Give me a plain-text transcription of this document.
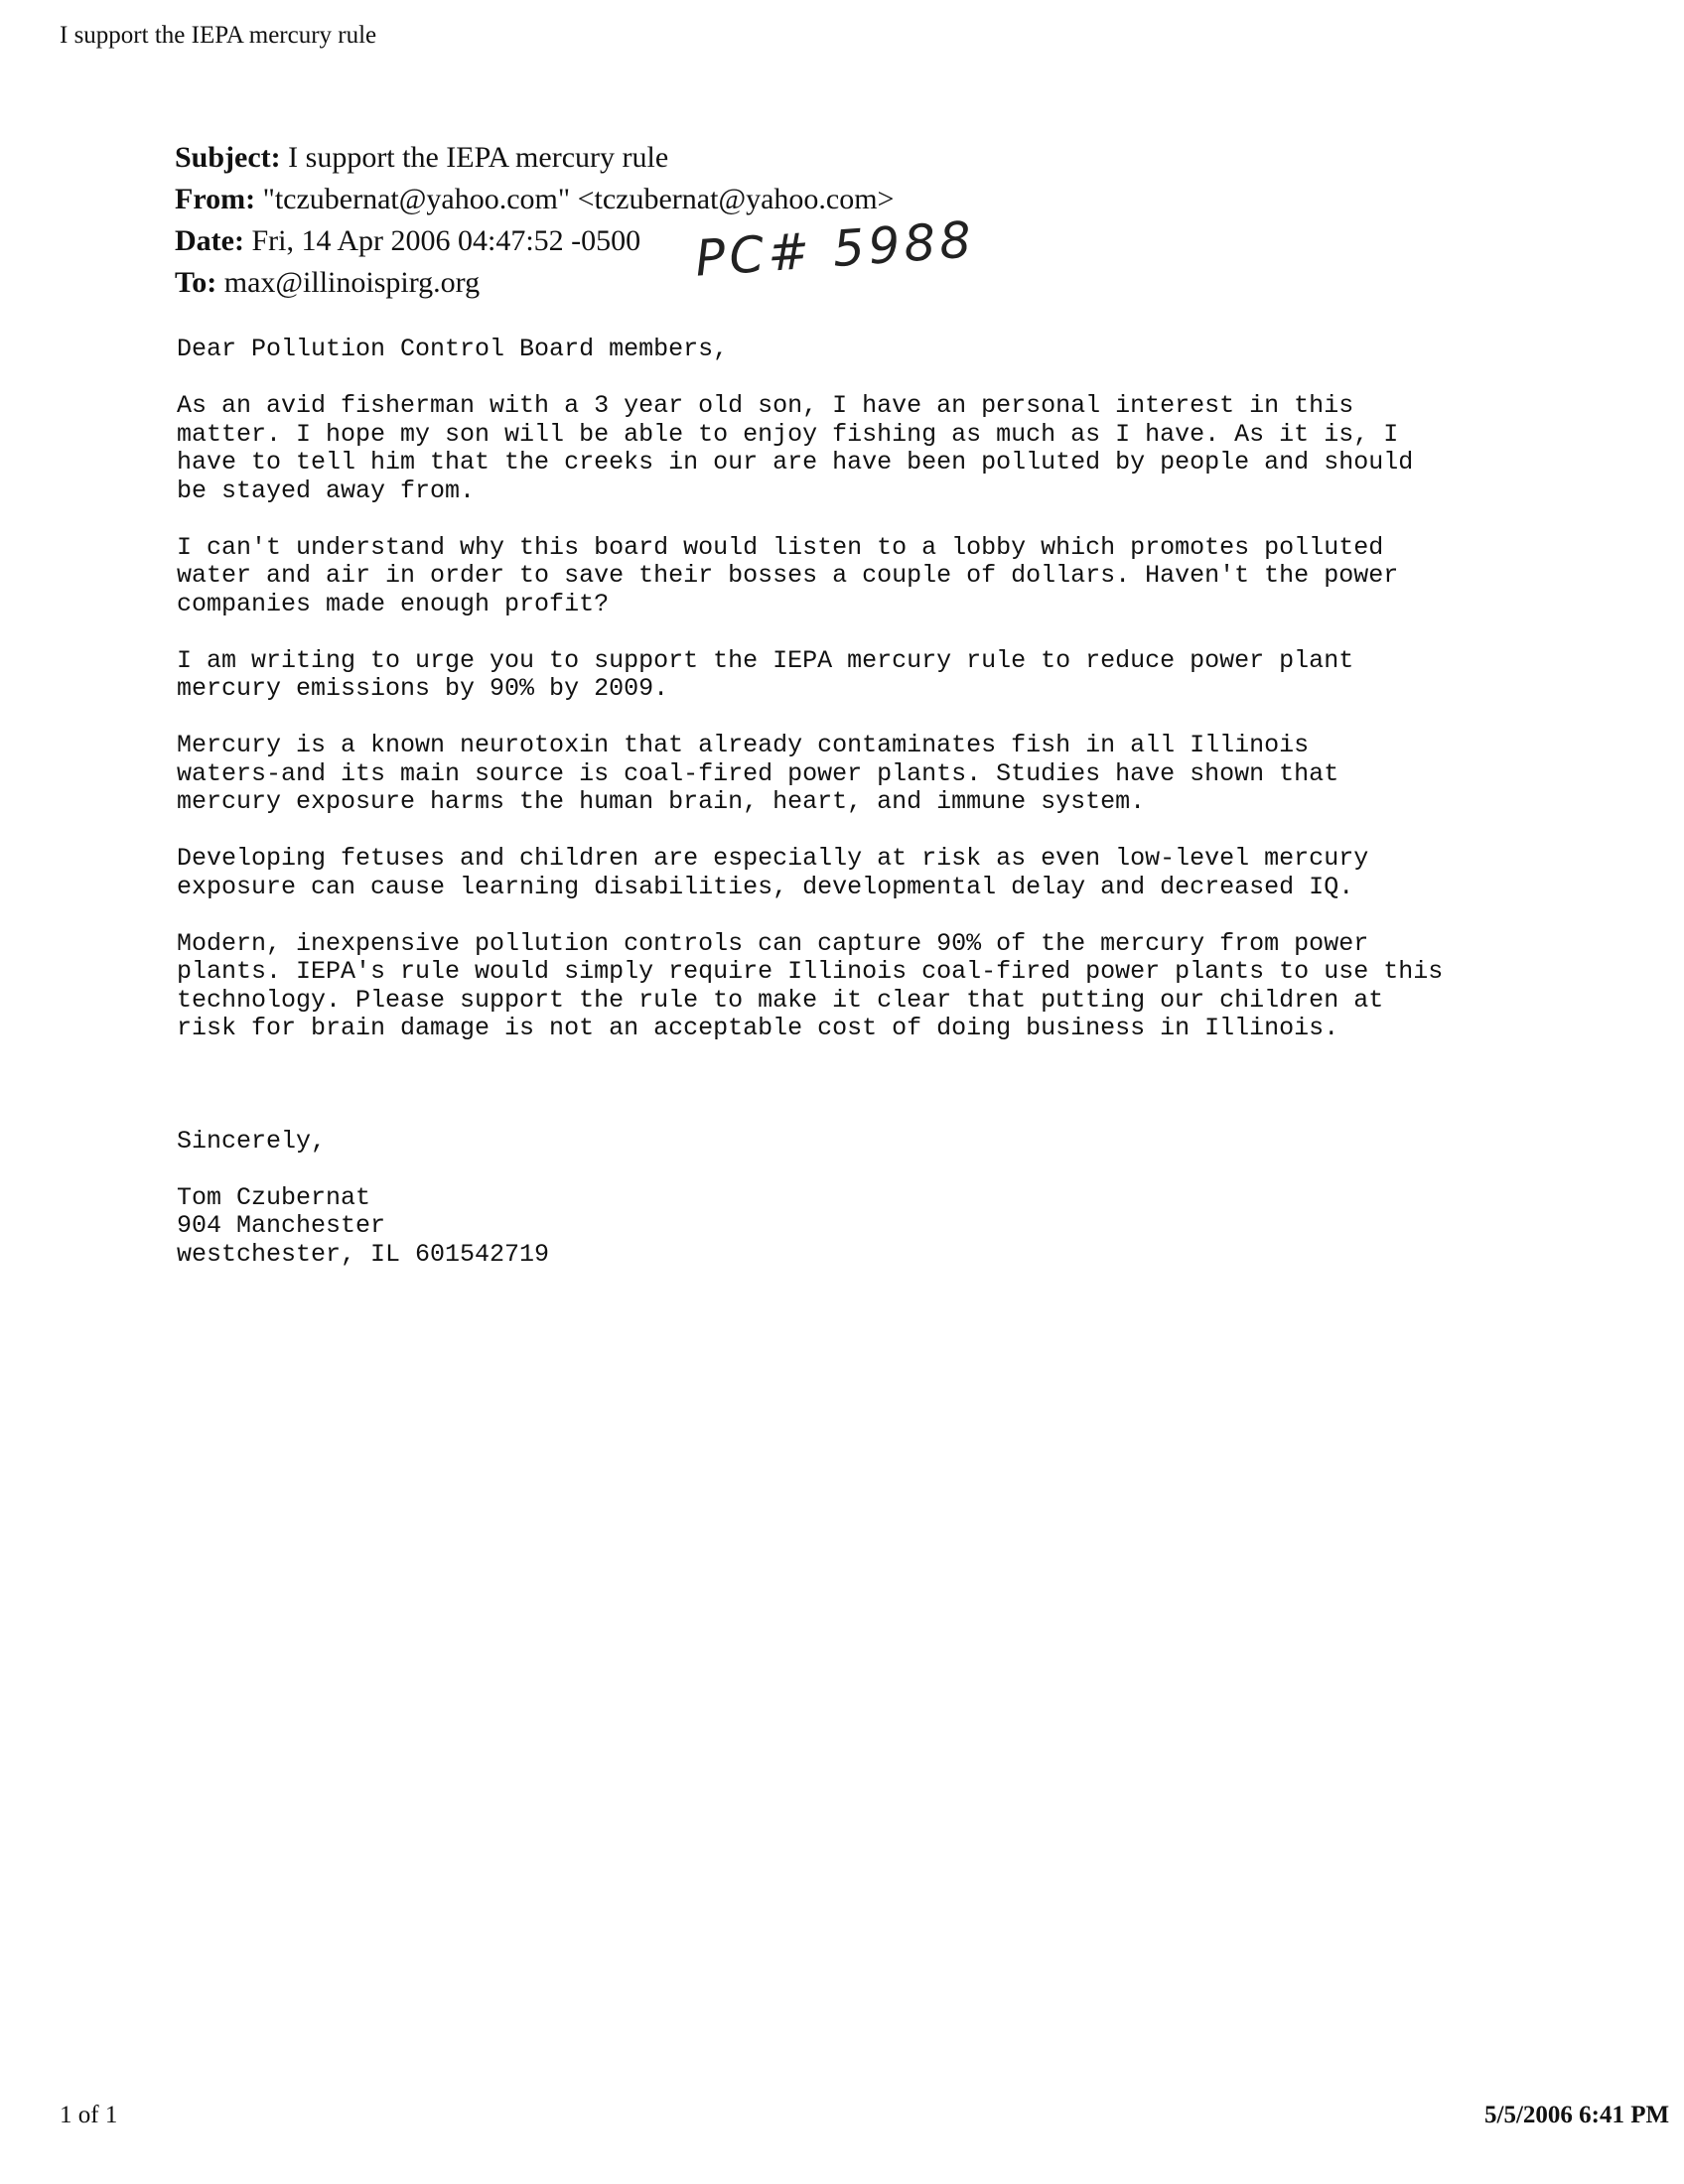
I support the IEPA mercury rule
Subject: I support the IEPA mercury rule
From: "tczubernat@yahoo.com" <tczubernat@yahoo.com>
Date: Fri, 14 Apr 2006 04:47:52 -0500
To: max@illinoispirg.org	PC# 5988
Dear Pollution Control Board members,
As an avid fisherman with a 3 year old son, I have an personal interest in this
matter. I hope my son will be able to enjoy fishing as much as I have. As it is, I
have to tell him that the creeks in our are have been polluted by people and should
be stayed away from.
I can't understand why this board would listen to a lobby which promotes polluted
water and air in order to save their bosses a couple of dollars. Haven't the power
companies made enough profit?
I am writing to urge you to support the IEPA mercury rule to reduce power plant
mercury emissions by 90% by 2009.
Mercury is a known neurotoxin that already contaminates fish in all Illinois
waters-and its main source is coal-fired power plants. Studies have shown that
mercury exposure harms the human brain, heart, and immune system.
Developing fetuses and children are especially at risk as even low-level mercury
exposure can cause learning disabilities, developmental delay and decreased IQ.
Modern, inexpensive pollution controls can capture 90% of the mercury from power
plants. IEPA's rule would simply require Illinois coal-fired power plants to use this
technology. Please support the rule to make it clear that putting our children at
risk for brain damage is not an acceptable cost of doing business in Illinois.
Sincerely,
Tom Czubernat
904 Manchester
westchester, IL 601542719
1 of 1	5/5/2006 6:41 PM
